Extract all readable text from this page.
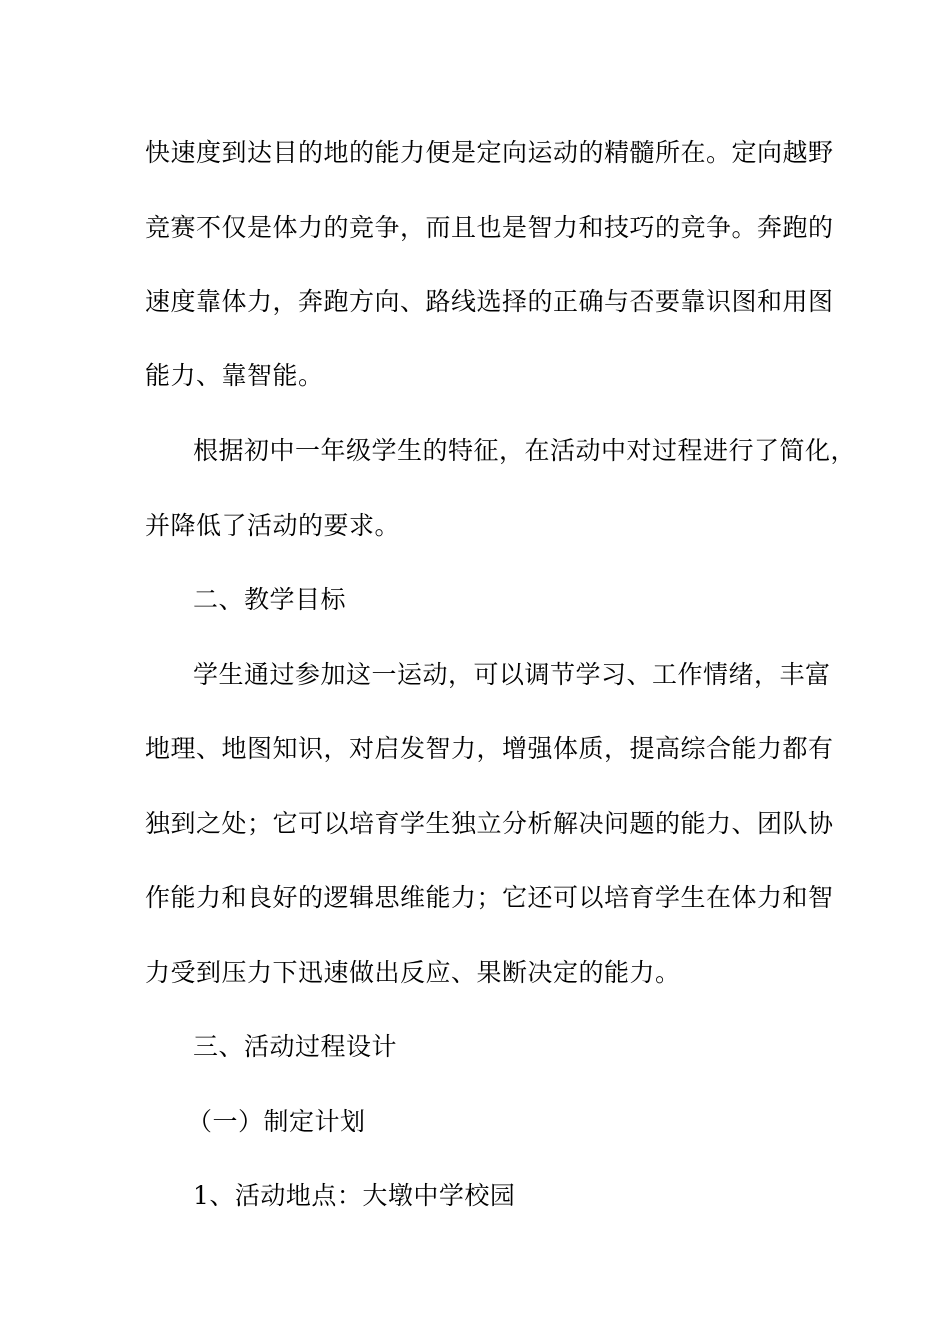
快速度到达目的地的能力便是定向运动的精髓所在。定向越野
竞赛不仅是体力的竞争，而且也是智力和技巧的竞争。奔跑的
速度靠体力，奔跑方向、路线选择的正确与否要靠识图和用图
能力、靠智能。
根据初中一年级学生的特征，在活动中对过程进行了简化，
并降低了活动的要求。
二、教学目标
学生通过参加这一运动，可以调节学习、工作情绪，丰富
地理、地图知识，对启发智力，增强体质，提高综合能力都有
独到之处；它可以培育学生独立分析解决问题的能力、团队协
作能力和良好的逻辑思维能力；它还可以培育学生在体力和智
力受到压力下迅速做出反应、果断决定的能力。
三、活动过程设计
（一）制定计划
1、活动地点：大墩中学校园
